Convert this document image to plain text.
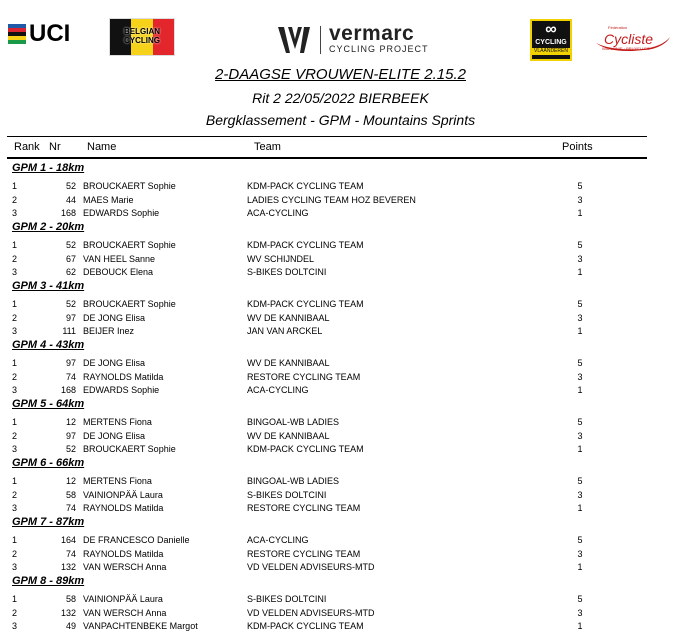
UCI	BELGIAN
CYCLING	vermarc
CYCLING PROJECT
∞
CYCLING
VLAANDEREN
Fédération
Cycliste
WALLONIE · BRUXELLES
2-DAAGSE VROUWEN-ELITE 2.15.2
Rit 2 22/05/2022 BIERBEEK
Bergklassement - GPM - Mountains Sprints
Rank Nr Name	Team	Points
GPM 1 - 18km
1	52 BROUCKAERT Sophie	KDM-PACK CYCLING TEAM	5
2	44 MAES Marie	LADIES CYCLING TEAM HOZ BEVEREN	3
3	168 EDWARDS Sophie	ACA-CYCLING	1
GPM 2 - 20km
1	52 BROUCKAERT Sophie	KDM-PACK CYCLING TEAM	5
2	67 VAN HEEL Sanne	WV SCHIJNDEL	3
3	62 DEBOUCK Elena	S-BIKES DOLTCINI	1
GPM 3 - 41km
1	52 BROUCKAERT Sophie	KDM-PACK CYCLING TEAM	5
2	97 DE JONG Elisa	WV DE KANNIBAAL	3
3	111 BEIJER Inez	JAN VAN ARCKEL	1
GPM 4 - 43km
1	97 DE JONG Elisa	WV DE KANNIBAAL	5
2	74 RAYNOLDS Matilda	RESTORE CYCLING TEAM	3
3	168 EDWARDS Sophie	ACA-CYCLING	1
GPM 5 - 64km
1	12 MERTENS Fiona	BINGOAL-WB LADIES	5
2	97 DE JONG Elisa	WV DE KANNIBAAL	3
3	52 BROUCKAERT Sophie	KDM-PACK CYCLING TEAM	1
GPM 6 - 66km
1	12 MERTENS Fiona	BINGOAL-WB LADIES	5
2	58 VAINIONPÄÄ Laura	S-BIKES DOLTCINI	3
3	74 RAYNOLDS Matilda	RESTORE CYCLING TEAM	1
GPM 7 - 87km
1	164 DE FRANCESCO Danielle	ACA-CYCLING	5
2	74 RAYNOLDS Matilda	RESTORE CYCLING TEAM	3
3	132 VAN WERSCH Anna	VD VELDEN ADVISEURS-MTD	1
GPM 8 - 89km
1	58 VAINIONPÄÄ Laura	S-BIKES DOLTCINI	5
2	132 VAN WERSCH Anna	VD VELDEN ADVISEURS-MTD	3
3	49 VANPACHTENBEKE Margot	KDM-PACK CYCLING TEAM	1
